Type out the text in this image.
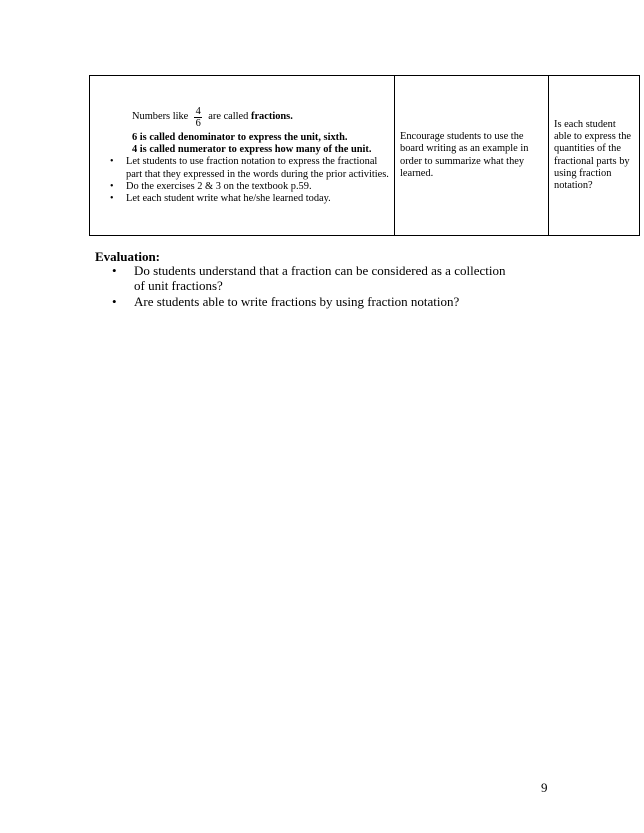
Numbers like $\frac{4}{6}$ are called
fractions.
6 is called denominator to express the unit, sixth.
4 is called numerator to express how many of the unit.
• Let students to use fraction notation to express the fractional part that they expressed in the words during the prior activities.
• Do the exercises 2 & 3 on the textbook p.59.
• Let each student write what he/she learned today.
	Encourage students to use the board writing as an example in order to summarize what they learned.	Is each student able to express the quantities of the fractional parts by using fraction notation?
Evaluation:
• Do students understand that a fraction can be considered as a collection of unit fractions?
• Are students able to write fractions by using fraction notation?
9
